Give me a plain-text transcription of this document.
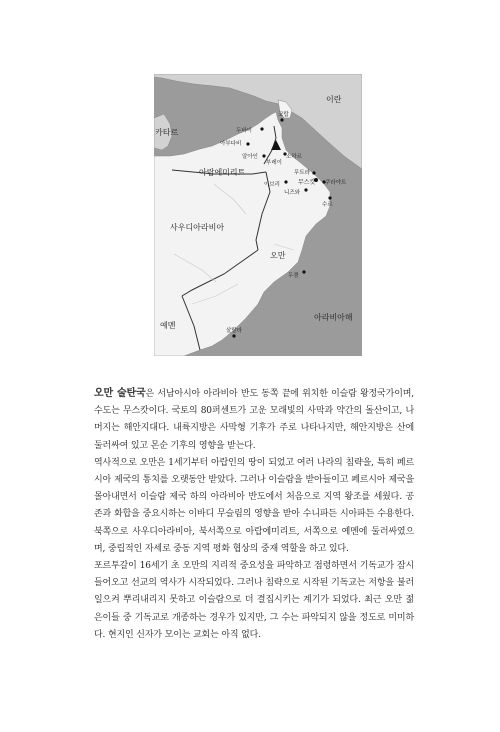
이란
카타르
아랍에미리트
사우디아라비아
오만
예멘
아라비아해
코랍
두바이
아부다비
알아인
부레이
소하르
무트라
무스캇 쿠라야트
이브리
니즈와
수르
두쿰
살랄라

오만 술탄국은 서남아시아 아라비아 반도 동쪽 끝에 위치한 이슬람 왕정국가이며, 수도는 무스캇이다. 국토의 80퍼센트가 고운 모래빛의 사막과 약간의 돌산이고, 나머지는 해안지대다. 내륙지방은 사막형 기후가 주로 나타나지만, 해안지방은 산에 둘러싸여 있고 몬순 기후의 영향을 받는다.

역사적으로 오만은 1세기부터 아랍인의 땅이 되었고 여러 나라의 침략을, 특히 페르시아 제국의 통치를 오랫동안 받았다. 그러나 이슬람을 받아들이고 페르시아 제국을 몰아내면서 이슬람 제국 하의 아라비아 반도에서 처음으로 지역 왕조를 세웠다. 공존과 화합을 중요시하는 이바디 무슬림의 영향을 받아 수니파든 시아파든 수용한다. 북쪽으로 사우디아라비아, 북서쪽으로 아랍에미리트, 서쪽으로 예멘에 둘러싸였으며, 중립적인 자세로 중동 지역 평화 협상의 중재 역할을 하고 있다.

포르투갈이 16세기 초 오만의 지리적 중요성을 파악하고 점령하면서 기독교가 잠시 들어오고 선교의 역사가 시작되었다. 그러나 침략으로 시작된 기독교는 저항을 불러일으켜 뿌리내리지 못하고 이슬람으로 더 결집시키는 계기가 되었다. 최근 오만 젊은이들 중 기독교로 개종하는 경우가 있지만, 그 수는 파악되지 않을 정도로 미미하다. 현지인 신자가 모이는 교회는 아직 없다.
